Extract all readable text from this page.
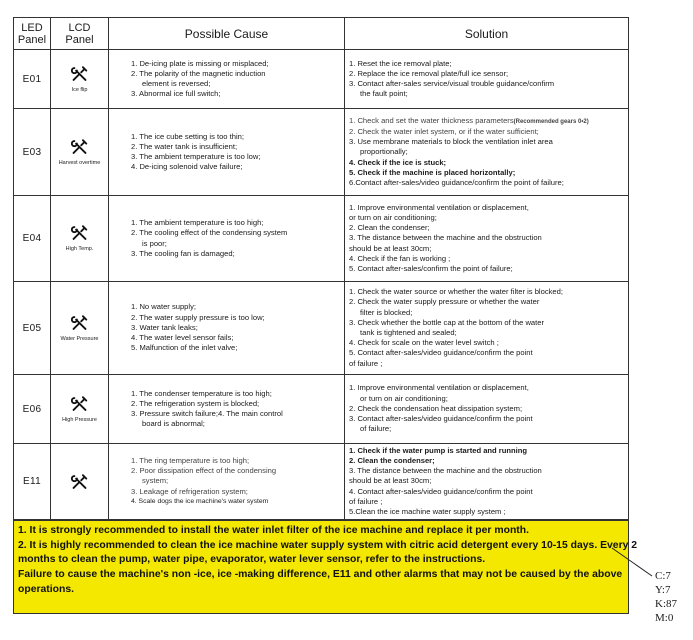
LED
Panel
LCD
Panel	Possible Cause	Solution
E01
Ice flip
1. De-icing plate is missing or misplaced;
2. The polarity of the magnetic induction
element is reversed;
3. Abnormal ice full switch;
1. Reset the ice removal plate;
2. Replace the ice removal plate/full ice sensor;
3. Contact after-sales service/visual trouble guidance/confirm
the fault point;
E03
Harvest overtime
1. The ice cube setting is too thin;
2. The water tank is insufficient;
3. The ambient temperature is too low;
4. De-icing solenoid valve failure;
1. Check and set the water thickness parameters(Recommended gears 0•2)
2. Check the water inlet system, or if the water sufficient;
3. Use membrane materials to block the ventilation inlet area
proportionally;
4. Check if the ice is stuck;
5. Check if the machine is placed horizontally;
6.Contact after-sales/video guidance/confirm the point of failure;
E04
High Temp.
1. The ambient temperature is too high;
2. The cooling effect of the condensing system
is poor;
3. The cooling fan is damaged;
1. Improve environmental ventilation or displacement,
or turn on air conditioning;
2. Clean the condenser;
3. The distance between the machine and the obstruction
should be at least 30cm;
4. Check if the fan is working ;
5. Contact after-sales/confirm the point of failure;
E05
Water Pressure
1. No water supply;
2. The water supply pressure is too low;
3. Water tank leaks;
4. The water level sensor fails;
5. Malfunction of the inlet valve;
1. Check the water source or whether the water filter is blocked;
2. Check the water supply pressure or whether the water
filter is blocked;
3. Check whether the bottle cap at the bottom of the water
tank is tightened and sealed;
4. Check for scale on the water level switch ;
5. Contact after-sales/video guidance/confirm the point
of failure ;
E06
High Pressure
1. The condenser temperature is too high;
2. The refrigeration system is blocked;
3. Pressure switch failure;4. The main control
board is abnormal;
1. Improve environmental ventilation or displacement,
or turn on air conditioning;
2. Check the condensation heat dissipation system;
3. Contact after-sales/video guidance/confirm the point
of failure;
E11
1. The ring temperature is too high;
2. Poor dissipation effect of the condensing
system;
3. Leakage of refrigeration system;
4. Scale dogs the ice machine's water system
1. Check if the water pump is started and running
2. Clean the condenser;
3. The distance between the machine and the obstruction
should be at least 30cm;
4. Contact after-sales/video guidance/confirm the point
of failure ;
5.Clean the ice machine water supply system ;
1. It is strongly recommended to install the water inlet filter of the ice machine and replace it per month.
2. It is highly recommended to clean the ice machine water supply system with citric acid detergent every 10-15 days. Every 2
months to clean the pump, water pipe, evaporator, water lever sensor, refer to the instructions.
Failure to cause the machine's non -ice, ice -making difference, E11 and other alarms that may not be caused by the above
operations.
C:7
Y:7
K:87
M:0
